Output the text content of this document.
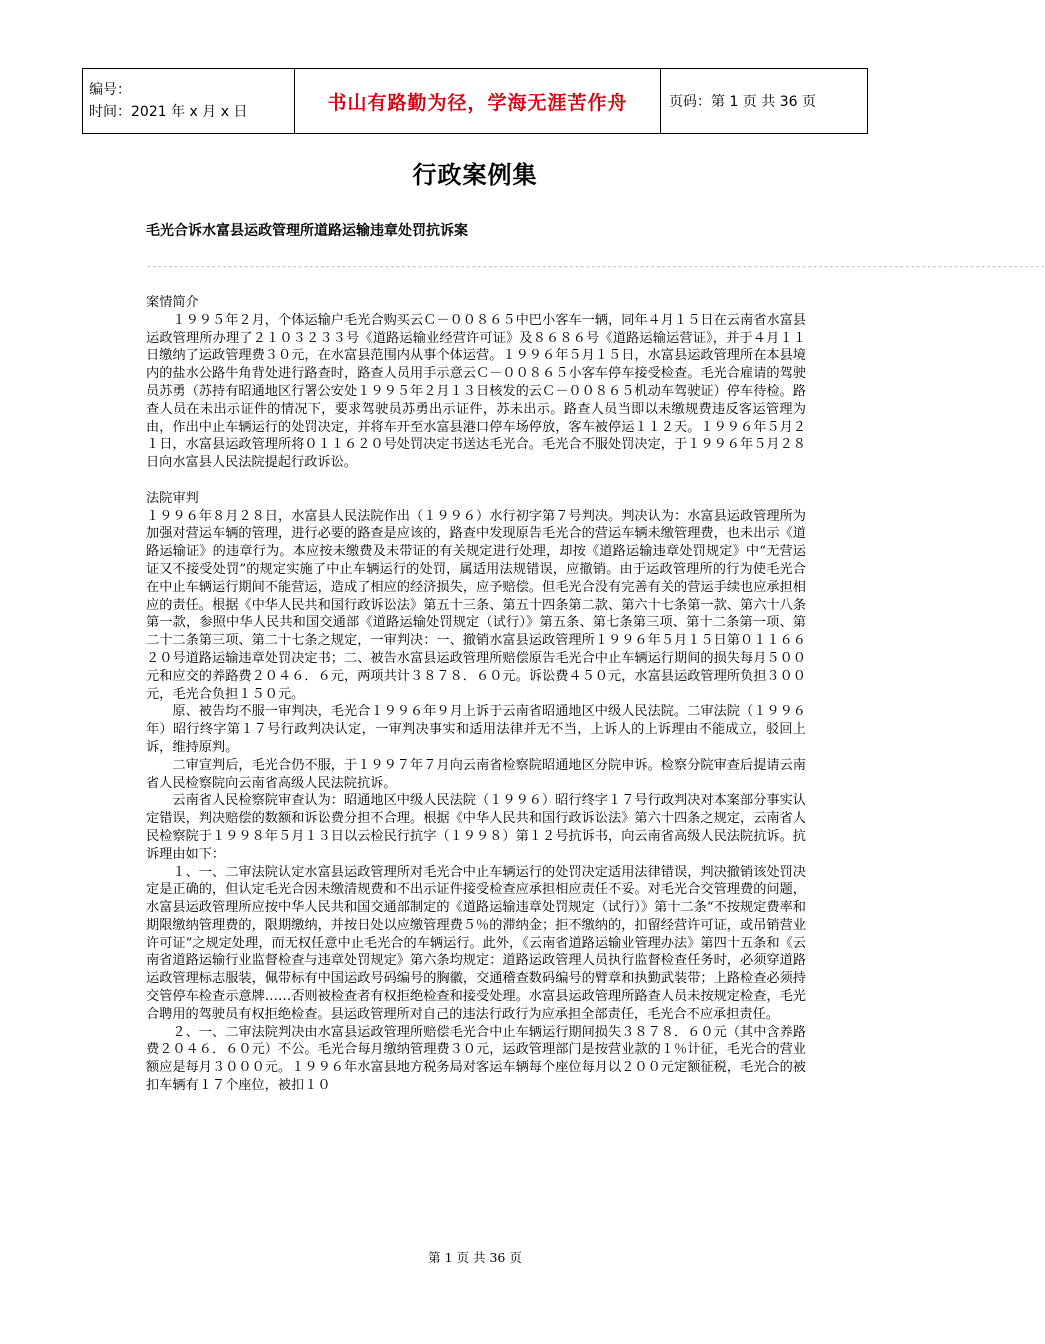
编号：
时间：2021 年 x 月 x 日	书山有路勤为径，学海无涯苦作舟	页码：第 1 页 共 36 页
行政案例集
毛光合诉水富县运政管理所道路运输违章处罚抗诉案
----------------------------------------------------------------------------------------------------------------------------------------------------------------------

案情简介

１９９５年２月，个体运输户毛光合购买云Ｃ－００８６５中巴小客车一辆，同年４月１５日在云南省水富县运政管理所办理了２１０３２３３号《道路运输业经营许可证》及８６８６号《道路运输运营证》，并于４月１１日缴纳了运政管理费３０元，在水富县范围内从事个体运营。１９９６年５月１５日，水富县运政管理所在本县境内的盐水公路牛角背处进行路查时，路查人员用手示意云Ｃ－００８６５小客车停车接受检查。毛光合雇请的驾驶员苏勇（苏持有昭通地区行署公安处１９９５年２月１３日核发的云Ｃ－００８６５机动车驾驶证）停车待检。路查人员在未出示证件的情况下，要求驾驶员苏勇出示证件，苏未出示。路查人员当即以未缴规费违反客运管理为由，作出中止车辆运行的处罚决定，并将车开至水富县港口停车场停放，客车被停运１１２天。１９９６年５月２１日，水富县运政管理所将０１１６２０号处罚决定书送达毛光合。毛光合不服处罚决定，于１９９６年５月２８日向水富县人民法院提起行政诉讼。

法院审判

１９９６年８月２８日，水富县人民法院作出（１９９６）水行初字第７号判决。判决认为：水富县运政管理所为加强对营运车辆的管理，进行必要的路查是应该的，路查中发现原告毛光合的营运车辆未缴管理费，也未出示《道路运输证》的违章行为。本应按未缴费及未带证的有关规定进行处理，却按《道路运输违章处罚规定》中“无营运证又不接受处罚”的规定实施了中止车辆运行的处罚，属适用法规错误，应撤销。由于运政管理所的行为使毛光合在中止车辆运行期间不能营运，造成了相应的经济损失，应予赔偿。但毛光合没有完善有关的营运手续也应承担相应的责任。根据《中华人民共和国行政诉讼法》第五十三条、第五十四条第二款、第六十七条第一款、第六十八条第一款，参照中华人民共和国交通部《道路运输处罚规定（试行）》第五条、第七条第三项、第十二条第一项、第二十二条第三项、第二十七条之规定，一审判决：一、撤销水富县运政管理所１９９６年５月１５日第０１１６６２０号道路运输违章处罚决定书；二、被告水富县运政管理所赔偿原告毛光合中止车辆运行期间的损失每月５００元和应交的养路费２０４６．６元，两项共计３８７８．６０元。诉讼费４５０元，水富县运政管理所负担３００元，毛光合负担１５０元。

原、被告均不服一审判决，毛光合１９９６年９月上诉于云南省昭通地区中级人民法院。二审法院（１９９６年）昭行终字第１７号行政判决认定，一审判决事实和适用法律并无不当，上诉人的上诉理由不能成立，驳回上诉，维持原判。

二审宣判后，毛光合仍不服，于１９９７年７月向云南省检察院昭通地区分院申诉。检察分院审查后提请云南省人民检察院向云南省高级人民法院抗诉。

云南省人民检察院审查认为：昭通地区中级人民法院（１９９６）昭行终字１７号行政判决对本案部分事实认定错误，判决赔偿的数额和诉讼费分担不合理。根据《中华人民共和国行政诉讼法》第六十四条之规定，云南省人民检察院于１９９８年５月１３日以云检民行抗字（１９９８）第１２号抗诉书，向云南省高级人民法院抗诉。抗诉理由如下：

１、一、二审法院认定水富县运政管理所对毛光合中止车辆运行的处罚决定适用法律错误，判决撤销该处罚决定是正确的，但认定毛光合因未缴清规费和不出示证件接受检查应承担相应责任不妥。对毛光合交管理费的问题，水富县运政管理所应按中华人民共和国交通部制定的《道路运输违章处罚规定（试行）》第十二条“不按规定费率和期限缴纳管理费的，限期缴纳，并按日处以应缴管理费５％的滞纳金；拒不缴纳的，扣留经营许可证，或吊销营业许可证”之规定处理，而无权任意中止毛光合的车辆运行。此外，《云南省道路运输业管理办法》第四十五条和《云南省道路运输行业监督检查与违章处罚规定》第六条均规定：道路运政管理人员执行监督检查任务时，必须穿道路运政管理标志服装，佩带标有中国运政号码编号的胸徽，交通稽查数码编号的臂章和执勤武装带；上路检查必须持交管停车检查示意牌……否则被检查者有权拒绝检查和接受处理。水富县运政管理所路查人员未按规定检查，毛光合聘用的驾驶员有权拒绝检查。县运政管理所对自己的违法行政行为应承担全部责任，毛光合不应承担责任。

２、一、二审法院判决由水富县运政管理所赔偿毛光合中止车辆运行期间损失３８７８．６０元（其中含养路费２０４６．６０元）不公。毛光合每月缴纳管理费３０元，运政管理部门是按营业款的１％计征，毛光合的营业额应是每月３０００元。１９９６年水富县地方税务局对客运车辆每个座位每月以２００元定额征税，毛光合的被扣车辆有１７个座位，被扣１０

第 1 页 共 36 页
